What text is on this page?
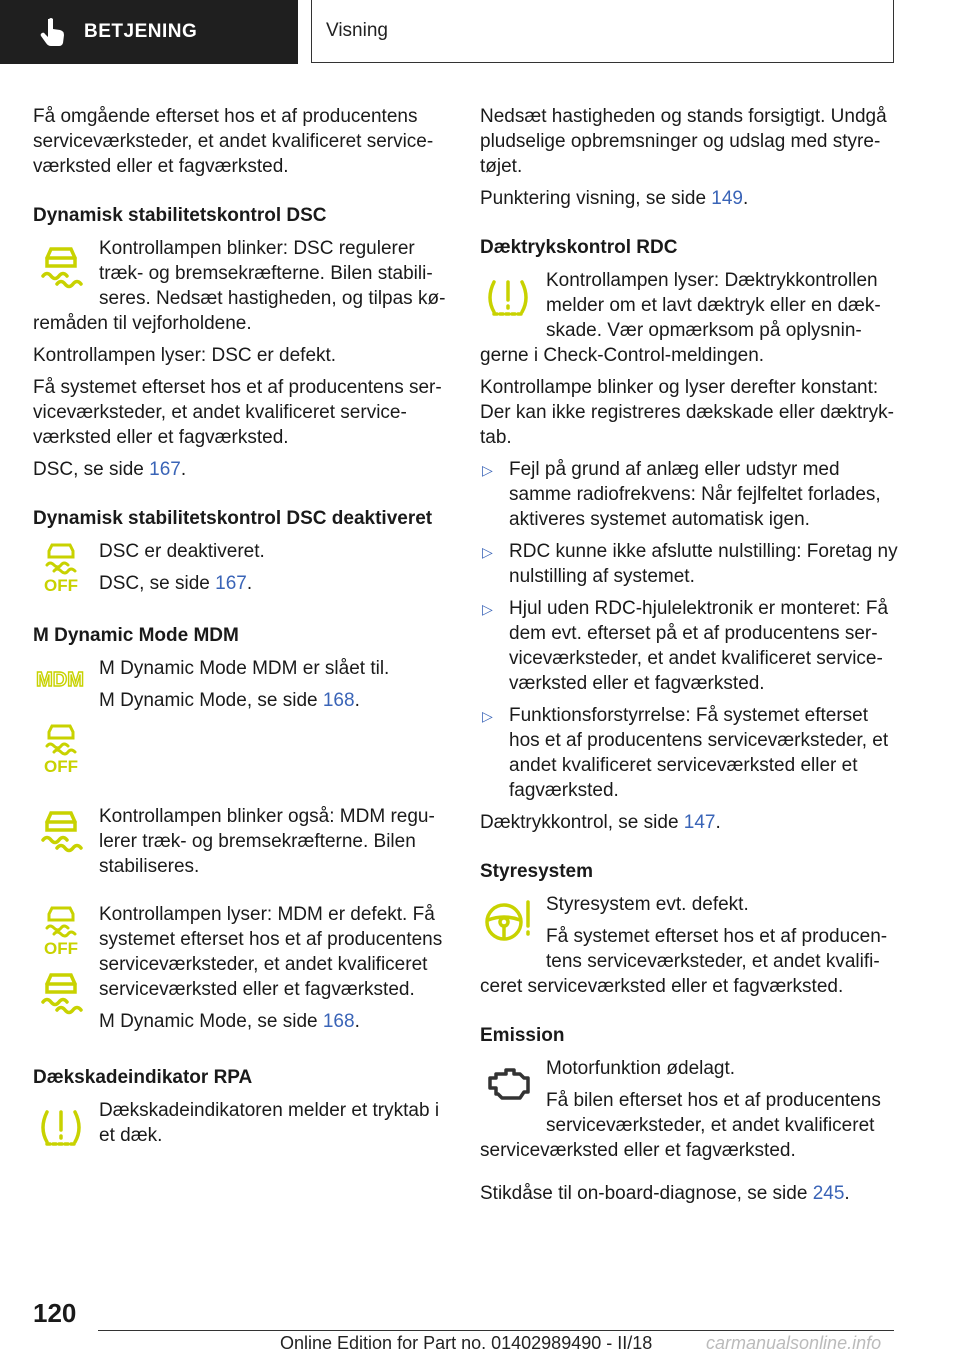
BETJENING	Visning

Få omgående efterset hos et af producentens serviceværksteder, et andet kvalificeret serviceværksted eller et fagværksted.

Dynamisk stabilitetskontrol DSC

Kontrollampen blinker: DSC regulerer træk- og bremsekræfterne. Bilen stabiliseres. Nedsæt hastigheden, og tilpas køremåden til vejforholdene.

Kontrollampen lyser: DSC er defekt.

Få systemet efterset hos et af producentens serviceværksteder, et andet kvalificeret serviceværksted eller et fagværksted.

DSC, se side 167.

Dynamisk stabilitetskontrol DSC deaktiveret
OFF

DSC er deaktiveret.

DSC, se side 167.

M Dynamic Mode MDM
MDM
OFF

M Dynamic Mode MDM er slået til.

M Dynamic Mode, se side 168.

Kontrollampen blinker også: MDM regulerer træk- og bremsekræfterne. Bilen stabiliseres.

OFF

Kontrollampen lyser: MDM er defekt. Få systemet efterset hos et af producentens serviceværksteder, et andet kvalificeret serviceværksted eller et fagværksted.

M Dynamic Mode, se side 168.

Dækskadeindikator RPA

Dækskadeindikatoren melder et tryktab i et dæk.

Nedsæt hastigheden og stands forsigtigt. Undgå pludselige opbremsninger og udslag med styretøjet.

Punktering visning, se side 149.

Dæktrykskontrol RDC

Kontrollampen lyser: Dæktrykkontrollen melder om et lavt dæktryk eller en dækskade. Vær opmærksom på oplysningerne i Check-Control-meldingen.

Kontrollampe blinker og lyser derefter konstant: Der kan ikke registreres dækskade eller dæktryktab.

▷ Fejl på grund af anlæg eller udstyr med samme radiofrekvens: Når fejlfeltet forlades, aktiveres systemet automatisk igen.
▷ RDC kunne ikke afslutte nulstilling: Foretag ny nulstilling af systemet.
▷ Hjul uden RDC-hjulelektronik er monteret: Få dem evt. efterset på et af producentens serviceværksteder, et andet kvalificeret serviceværksted eller et fagværksted.
▷ Funktionsforstyrrelse: Få systemet efterset hos et af producentens serviceværksteder, et andet kvalificeret serviceværksted eller et fagværksted.

Dæktrykkontrol, se side 147.

Styresystem

Styresystem evt. defekt.

Få systemet efterset hos et af producentens serviceværksteder, et andet kvalificeret serviceværksted eller et fagværksted.

Emission

Motorfunktion ødelagt.

Få bilen efterset hos et af producentens serviceværksteder, et andet kvalificeret serviceværksted eller et fagværksted.

Stikdåse til on-board-diagnose, se side 245.

120
Online Edition for Part no. 01402989490 - II/18	carmanualsonline.info
